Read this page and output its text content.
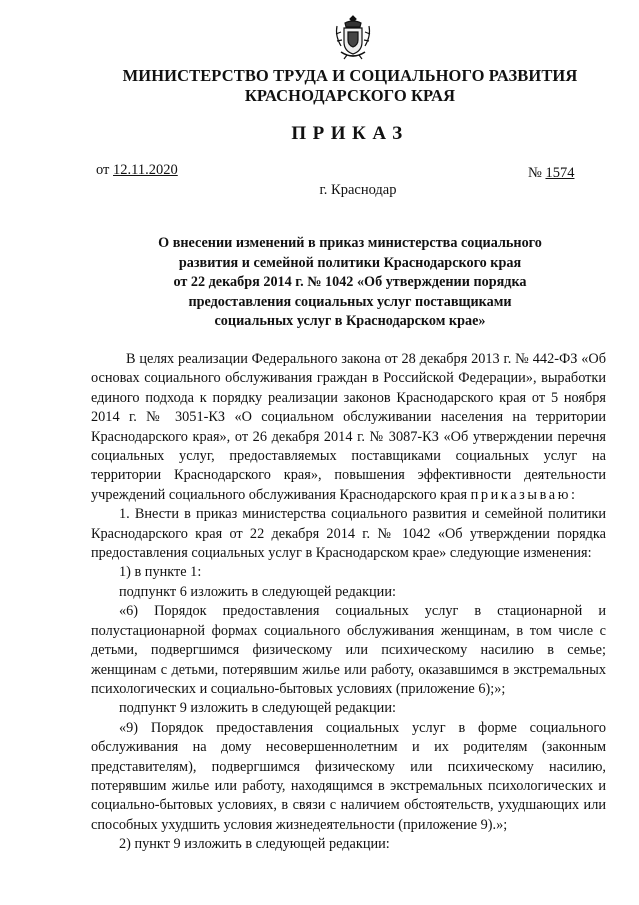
МИНИСТЕРСТВО ТРУДА И СОЦИАЛЬНОГО РАЗВИТИЯ
КРАСНОДАРСКОГО КРАЯ
ПРИКАЗ
от 12.11.2020	№ 1574
г. Краснодар
О внесении изменений в приказ министерства социального
развития и семейной политики Краснодарского края
от 22 декабря 2014 г. № 1042 «Об утверждении порядка
предоставления социальных услуг поставщиками
социальных услуг в Краснодарском крае»

В целях реализации Федерального закона от 28 декабря 2013 г. № 442-ФЗ «Об основах социального обслуживания граждан в Российской Федерации», выработки единого подхода к порядку реализации законов Краснодарского края от 5 ноября 2014 г. № 3051-КЗ «О социальном обслуживании населения на территории Краснодарского края», от 26 декабря 2014 г. № 3087-КЗ «Об утверждении перечня социальных услуг, предоставляемых поставщиками социальных услуг на территории Краснодарского края», повышения эффективности деятельности учреждений социального обслуживания Краснодарского края приказываю:

1. Внести в приказ министерства социального развития и семейной политики Краснодарского края от 22 декабря 2014 г. № 1042 «Об утверждении порядка предоставления социальных услуг в Краснодарском крае» следующие изменения:

1) в пункте 1:

подпункт 6 изложить в следующей редакции:

«6) Порядок предоставления социальных услуг в стационарной и полустационарной формах социального обслуживания женщинам, в том числе с детьми, подвергшимся физическому или психическому насилию в семье; женщинам с детьми, потерявшим жилье или работу, оказавшимся в экстремальных психологических и социально-бытовых условиях (приложение 6);»;

подпункт 9 изложить в следующей редакции:

«9) Порядок предоставления социальных услуг в форме социального обслуживания на дому несовершеннолетним и их родителям (законным представителям), подвергшимся физическому или психическому насилию, потерявшим жилье или работу, находящимся в экстремальных психологических и социально-бытовых условиях, в связи с наличием обстоятельств, ухудшающих или способных ухудшить условия жизнедеятельности (приложение 9).»;

2) пункт 9 изложить в следующей редакции:
